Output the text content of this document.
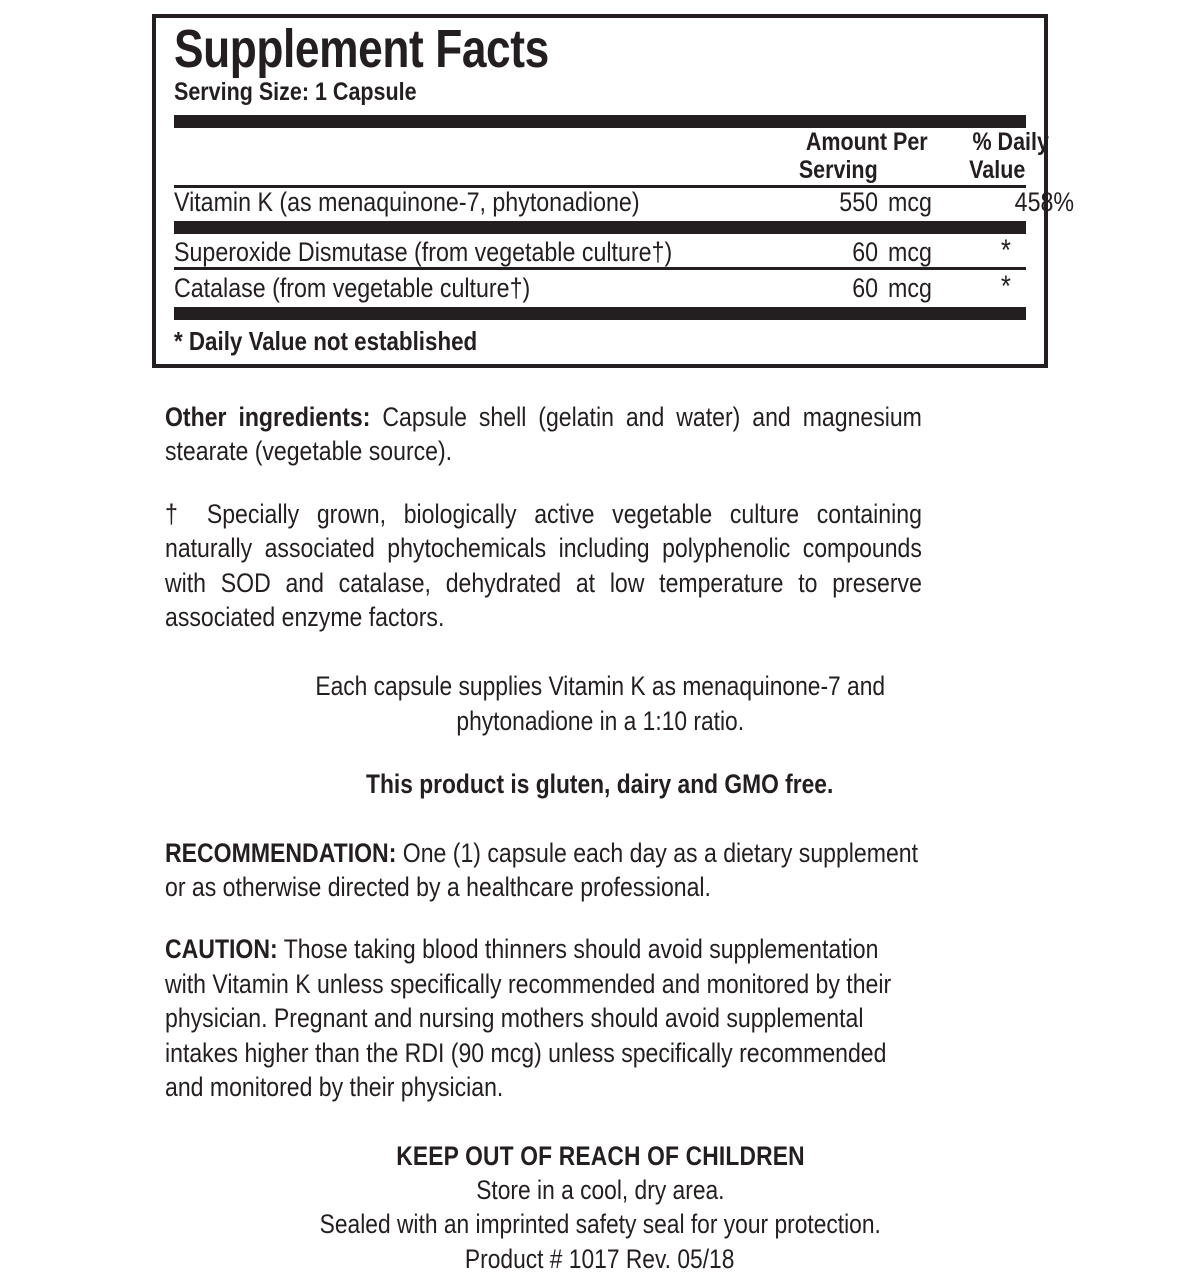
Supplement Facts
Serving Size: 1 Capsule
	Amount Per
Serving	% Daily
Value
Vitamin K (as menaquinone-7, phytonadione)	550	mcg	458%
Superoxide Dismutase (from vegetable culture†)	60	mcg	*
Catalase (from vegetable culture†)	60	mcg	*
* Daily Value not established

Other ingredients: Capsule shell (gelatin and water) and magnesium stearate (vegetable source).

† Specially grown, biologically active vegetable culture containing naturally associated phytochemicals including polyphenolic compounds with SOD and catalase, dehydrated at low temperature to preserve associated enzyme factors.

Each capsule supplies Vitamin K as menaquinone-7 and
phytonadione in a 1:10 ratio.
This product is gluten, dairy and GMO free.

RECOMMENDATION: One (1) capsule each day as a dietary supplement or as otherwise directed by a healthcare professional.

CAUTION: Those taking blood thinners should avoid supplementation with Vitamin K unless specifically recommended and monitored by their physician. Pregnant and nursing mothers should avoid supplemental intakes higher than the RDI (90 mcg) unless specifically recommended and monitored by their physician.

KEEP OUT OF REACH OF CHILDREN
Store in a cool, dry area.
Sealed with an imprinted safety seal for your protection.
Product # 1017 Rev. 05/18
